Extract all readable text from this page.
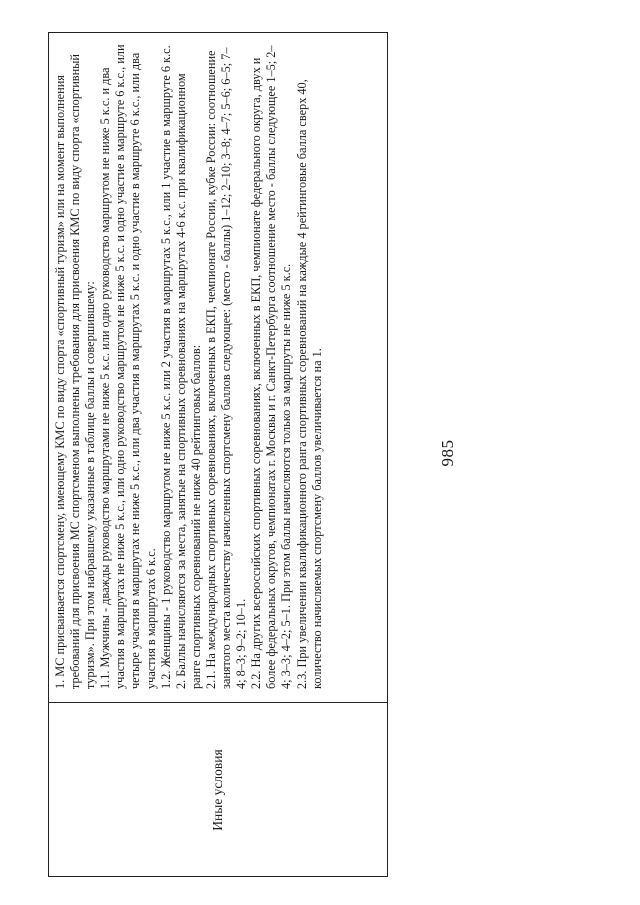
985
Иные условия

1. МС присваивается спортсмену, имеющему КМС по виду спорта «спортивный туризм» или на момент выполнения требований для присвоения МС спортсменом выполнены требования для присвоения КМС по виду спорта «спортивный туризм». При этом набравшему указанные в таблице баллы и совершившему: 1.1. Мужчины - дважды руководство маршрутами не ниже 5 к.с. или одно руководство маршрутом не ниже 5 к.с. и два участия в маршрутах не ниже 5 к.с., или одно руководство маршрутом не ниже 5 к.с. и одно участие в маршруте 6 к.с., или четыре участия в маршрутах не ниже 5 к.с., или два участия в маршрутах 5 к.с. и одно участие в маршруте 6 к.с., или два участия в маршрутах 6 к.с. 1.2. Женщины - 1 руководство маршрутом не ниже 5 к.с. или 2 участия в маршрутах 5 к.с., или 1 участие в маршруте 6 к.с. 2. Баллы начисляются за места, занятые на спортивных соревнованиях на маршрутах 4-6 к.с. при квалификационном ранге спортивных соревнований не ниже 40 рейтинговых баллов: 2.1. На международных спортивных соревнованиях, включенных в ЕКП, чемпионате России, кубке России: соотношение занятого места количеству начисленных спортсмену баллов следующее: (место - баллы) 1–12; 2–10; 3–8; 4–7; 5–6; 6–5; 7–4; 8–3; 9–2; 10–1. 2.2. На других всероссийских спортивных соревнованиях, включенных в ЕКП, чемпионате федерального округа, двух и более федеральных округов, чемпионатах г. Москвы и г. Санкт-Петербурга соотношение место - баллы следующее 1–5; 2–4; 3–3; 4–2; 5–1. При этом баллы начисляются только за маршруты не ниже 5 к.с. 2.3. При увеличении квалификационного ранга спортивных соревнований на каждые 4 рейтинговые балла сверх 40, количество начисляемых спортсмену баллов увеличивается на 1.
